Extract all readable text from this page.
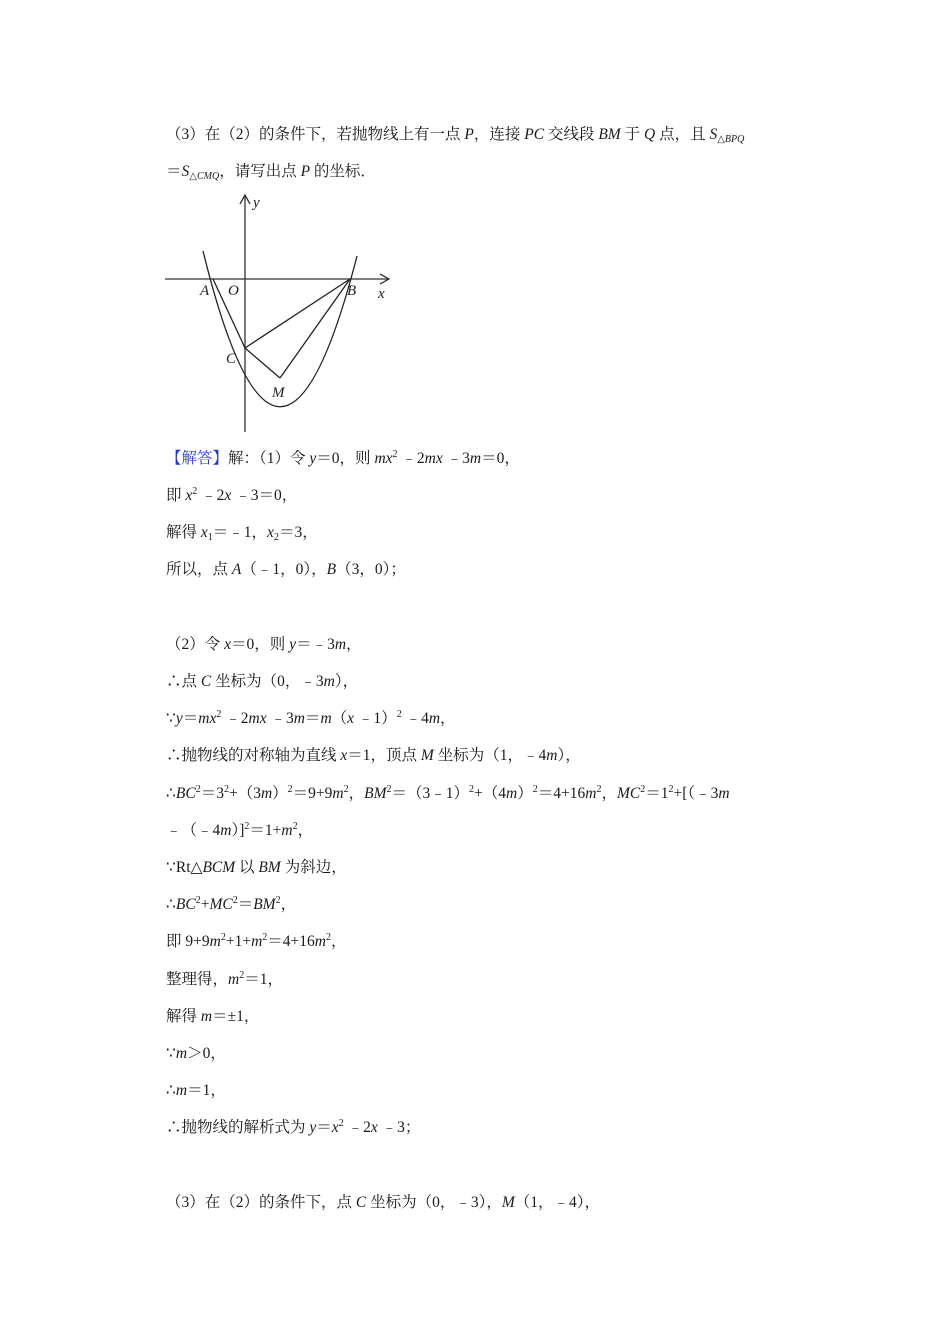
（3）在（2）的条件下，若抛物线上有一点 P，连接 PC 交线段 BM 于 Q 点，且 $S_{\triangle BPQ}$
$=S_{\triangle CMQ}$，请写出点 P 的坐标．
y
x
A O	B
C
M
【解答】解：（1）令 y＝0，则 $mx^2$ ﹣2mx ﹣3m＝0，
即 $x^2$ ﹣2x ﹣3＝0，
解得 $x_1=﹣1$，$x_2=3$，
所以，点 A（﹣1，0），B（3，0）；
（2）令 x＝0，则 y＝﹣3m，
∴点 C 坐标为（0，﹣3m），
$\because y=mx^2$ ﹣2mx ﹣3m＝m（x ﹣1）$^2$ ﹣4m，
∴抛物线的对称轴为直线 x＝1，顶点 M 坐标为（1，﹣4m），
$\therefore BC^2=3^2+(3m)^2=9+9m^2$，$BM^2=(3﹣1)^2+(4m)^2=4+16m^2$，$MC^2=1^2+[(﹣3m$
$﹣(﹣4m)]^2=1+m^2$，
∵Rt△BCM 以 BM 为斜边，
$\therefore BC^2+MC^2=BM^2$，
即 $9+9m^2+1+m^2=4+16m^2$，
整理得，$m^2=1$，
解得 m＝±1，
∵m＞0，
∴m＝1，
∴抛物线的解析式为 $y=x^2$ ﹣2x ﹣3；
（3）在（2）的条件下，点 C 坐标为（0，﹣3），M（1，﹣4），
